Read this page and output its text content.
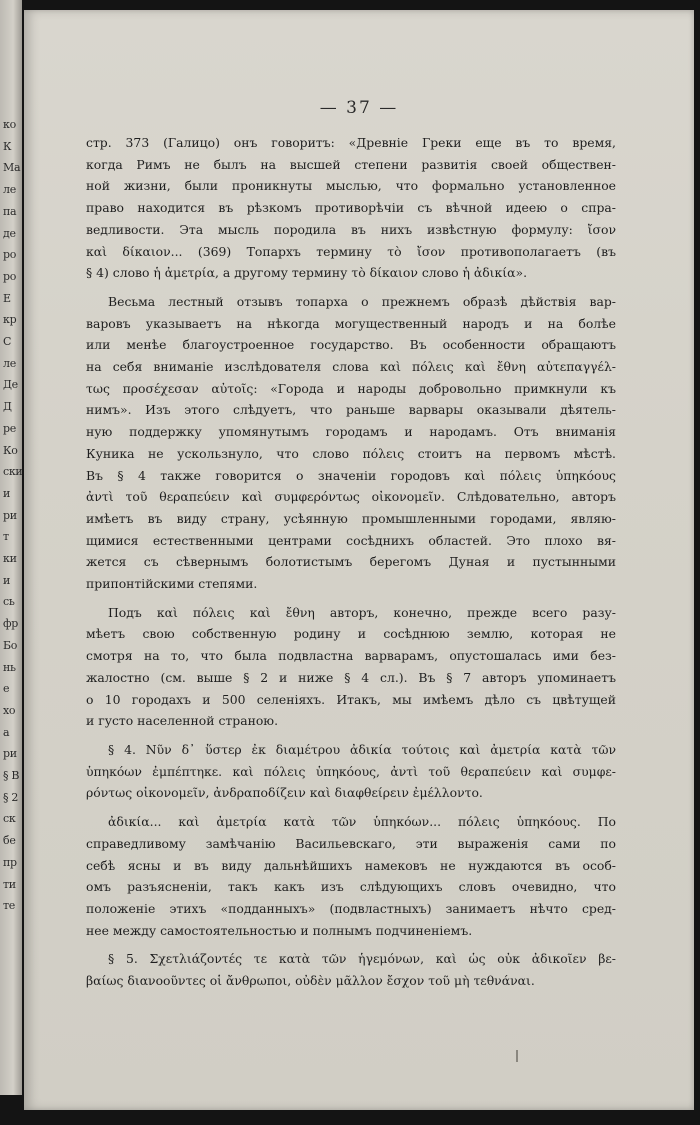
ко
К
Ма
ле
па
де
ро
ро
Е
кр
С
ле
Де
Д
ре
Ко
ски
и
ри
т
ки
и
сь
фр
Бо
нь
е
хо
а
ри
§ В
§ 2
ск
бе
пр
ти
те
— 37 —
стр. 373 (Галицо) онъ говоритъ: «Древніе Греки еще въ то время,
когда Римъ не былъ на высшей степени развитія своей обществен-
ной жизни, были проникнуты мыслью, что формально установленное
право находится въ рѣзкомъ противорѣчіи съ вѣчной идеею о спра-
ведливости. Эта мысль породила въ нихъ извѣстную формулу: ἴσον
καὶ δίκαιον... (369) Топархъ термину τὸ ἴσον противополагаетъ (въ
§ 4) слово ἡ ἀμετρία, а другому термину τὸ δίκαιον слово ἡ ἀδικία».
Весьма лестный отзывъ топарха о прежнемъ образѣ дѣйствія вар-
варовъ указываетъ на нѣкогда могущественный народъ и на болѣе
или менѣе благоустроенное государство. Въ особенности обращаютъ
на себя вниманіе изслѣдователя слова καὶ πόλεις καὶ ἔθνη αὐτεπαγγέλ-
τως προσέχεσαν αὐτοῖς: «Города и народы добровольно примкнули къ
нимъ». Изъ этого слѣдуетъ, что раньше варвары оказывали дѣятель-
ную поддержку упомянутымъ городамъ и народамъ. Отъ вниманія
Куника не ускользнуло, что слово πόλεις стоитъ на первомъ мѣстѣ.
Въ § 4 также говорится о значеніи городовъ καὶ πόλεις ὑπηκόους
ἀντὶ τοῦ θεραπεύειν καὶ συμφερόντως οἰκονομεῖν. Слѣдовательно, авторъ
имѣетъ въ виду страну, усѣянную промышленными городами, являю-
щимися естественными центрами сосѣднихъ областей. Это плохо вя-
жется съ сѣвернымъ болотистымъ берегомъ Дуная и пустынными
припонтійскими степями.
Подъ καὶ πόλεις καὶ ἔθνη авторъ, конечно, прежде всего разу-
мѣетъ свою собственную родину и сосѣднюю землю, которая не
смотря на то, что была подвластна варварамъ, опустошалась ими без-
жалостно (см. выше § 2 и ниже § 4 сл.). Въ § 7 авторъ упоминаетъ
о 10 городахъ и 500 селеніяхъ. Итакъ, мы имѣемъ дѣло съ цвѣтущей
и густо населенной страною.
§ 4. Νῦν δ᾽ ὕστερ ἐκ διαμέτρου ἀδικία τούτοις καὶ ἀμετρία κατὰ τῶν
ὑπηκόων ἐμπέπτηκε. καὶ πόλεις ὑπηκόους, ἀντὶ τοῦ θεραπεύειν καὶ συμφε-
ρόντως οἰκονομεῖν, ἀνδραποδίζειν καὶ διαφθείρειν ἐμέλλοντο.
ἀδικία... καὶ ἀμετρία κατὰ τῶν ὑπηκόων... πόλεις ὑπηκόους. По
справедливому замѣчанію Васильевскаго, эти выраженія сами по
себѣ ясны и въ виду дальнѣйшихъ намековъ не нуждаются въ особ-
омъ разъясненіи, такъ какъ изъ слѣдующихъ словъ очевидно, что
положеніе этихъ «подданныхъ» (подвластныхъ) занимаетъ нѣчто сред-
нее между самостоятельностью и полнымъ подчиненіемъ.
§ 5. Σχετλιάζοντές τε κατὰ τῶν ἡγεμόνων, καὶ ὡς οὐκ ἀδικοῖεν βε-
βαίως διανοοῦντες οἱ ἄνθρωποι, οὐδὲν μᾶλλον ἔσχον τοῦ μὴ τεθνάναι.
